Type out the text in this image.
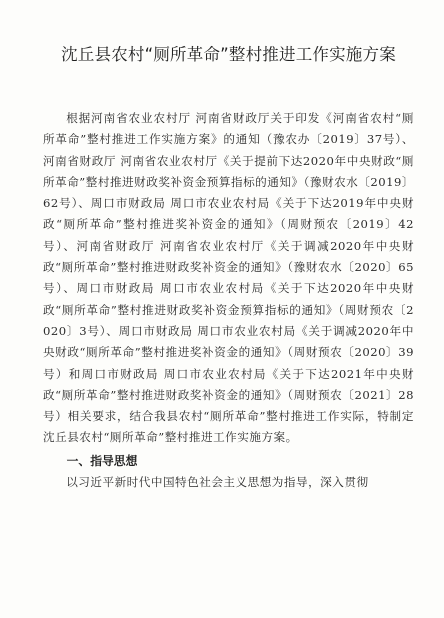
沈丘县农村“厕所革命”整村推进工作实施方案

根据河南省农业农村厅 河南省财政厅关于印发《河南省农村“厕所革命”整村推进工作实施方案》的通知（豫农办〔2019〕37号）、河南省财政厅 河南省农业农村厅《关于提前下达2020年中央财政“厕所革命”整村推进财政奖补资金预算指标的通知》（豫财农水〔2019〕62号）、周口市财政局 周口市农业农村局《关于下达2019年中央财政“厕所革命”整村推进奖补资金的通知》（周财预农〔2019〕42号）、河南省财政厅 河南省农业农村厅《关于调减2020年中央财政“厕所革命”整村推进财政奖补资金的通知》（豫财农水〔2020〕65号）、周口市财政局 周口市农业农村局《关于下达2020年中央财政“厕所革命”整村推进财政奖补资金预算指标的通知》（周财预农〔2020〕3号）、周口市财政局 周口市农业农村局《关于调减2020年中央财政“厕所革命”整村推进奖补资金的通知》（周财预农〔2020〕39号）和周口市财政局 周口市农业农村局《关于下达2021年中央财政“厕所革命”整村推进财政奖补资金的通知》（周财预农〔2021〕28号）相关要求，结合我县农村“厕所革命”整村推进工作实际，特制定沈丘县农村“厕所革命”整村推进工作实施方案。

一、指导思想

以习近平新时代中国特色社会主义思想为指导，深入贯彻
